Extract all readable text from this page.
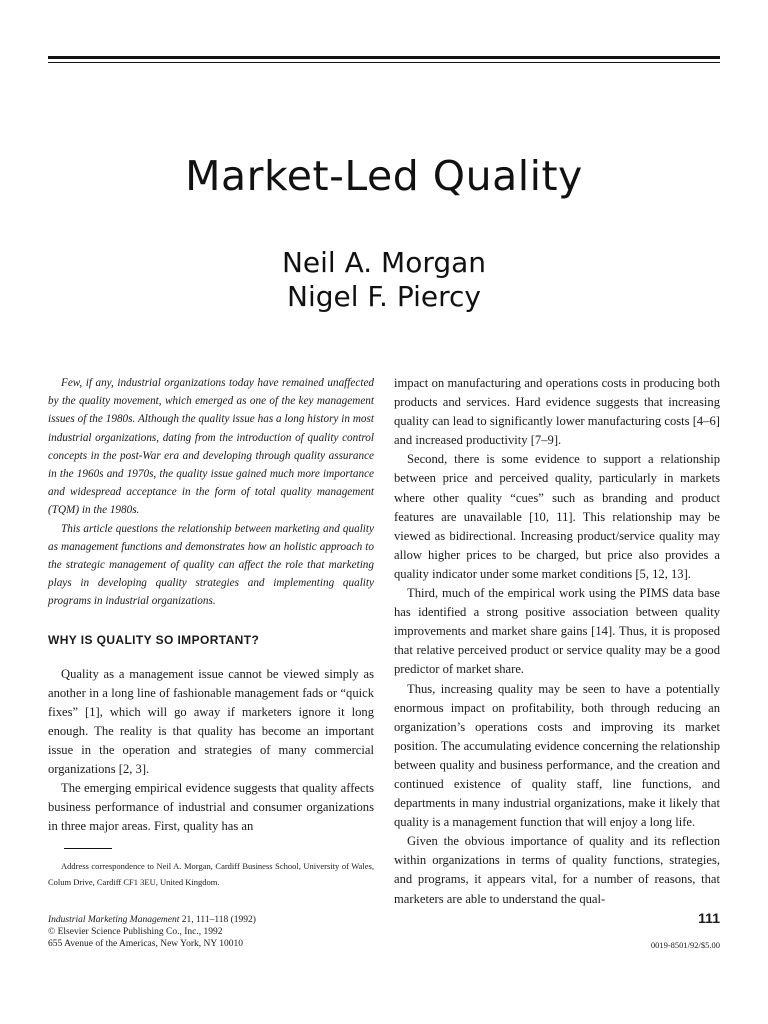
Market-Led Quality
Neil A. Morgan
Nigel F. Piercy

Few, if any, industrial organizations today have remained unaffected by the quality movement, which emerged as one of the key management issues of the 1980s. Although the quality issue has a long history in most industrial organizations, dating from the introduction of quality control concepts in the post-War era and developing through quality assurance in the 1960s and 1970s, the quality issue gained much more importance and widespread acceptance in the form of total quality management (TQM) in the 1980s.

This article questions the relationship between marketing and quality as management functions and demonstrates how an holistic approach to the strategic management of quality can affect the role that marketing plays in developing quality strategies and implementing quality programs in industrial organizations.

WHY IS QUALITY SO IMPORTANT?

Quality as a management issue cannot be viewed simply as another in a long line of fashionable management fads or “quick fixes” [1], which will go away if marketers ignore it long enough. The reality is that quality has become an important issue in the operation and strategies of many commercial organizations [2, 3].

The emerging empirical evidence suggests that quality affects business performance of industrial and consumer organizations in three major areas. First, quality has an

impact on manufacturing and operations costs in producing both products and services. Hard evidence suggests that increasing quality can lead to significantly lower manufacturing costs [4–6] and increased productivity [7–9].

Second, there is some evidence to support a relationship between price and perceived quality, particularly in markets where other quality “cues” such as branding and product features are unavailable [10, 11]. This relationship may be viewed as bidirectional. Increasing product/service quality may allow higher prices to be charged, but price also provides a quality indicator under some market conditions [5, 12, 13].

Third, much of the empirical work using the PIMS data base has identified a strong positive association between quality improvements and market share gains [14]. Thus, it is proposed that relative perceived product or service quality may be a good predictor of market share.

Thus, increasing quality may be seen to have a potentially enormous impact on profitability, both through reducing an organization’s operations costs and improving its market position. The accumulating evidence concerning the relationship between quality and business performance, and the creation and continued existence of quality staff, line functions, and departments in many industrial organizations, make it likely that quality is a management function that will enjoy a long life.

Given the obvious importance of quality and its reflection within organizations in terms of quality functions, strategies, and programs, it appears vital, for a number of reasons, that marketers are able to understand the qual-

Address correspondence to Neil A. Morgan, Cardiff Business School, University of Wales, Colum Drive, Cardiff CF1 3EU, United Kingdom.
Industrial Marketing Management 21, 111–118 (1992)
© Elsevier Science Publishing Co., Inc., 1992
655 Avenue of the Americas, New York, NY 10010
111
0019-8501/92/$5.00
